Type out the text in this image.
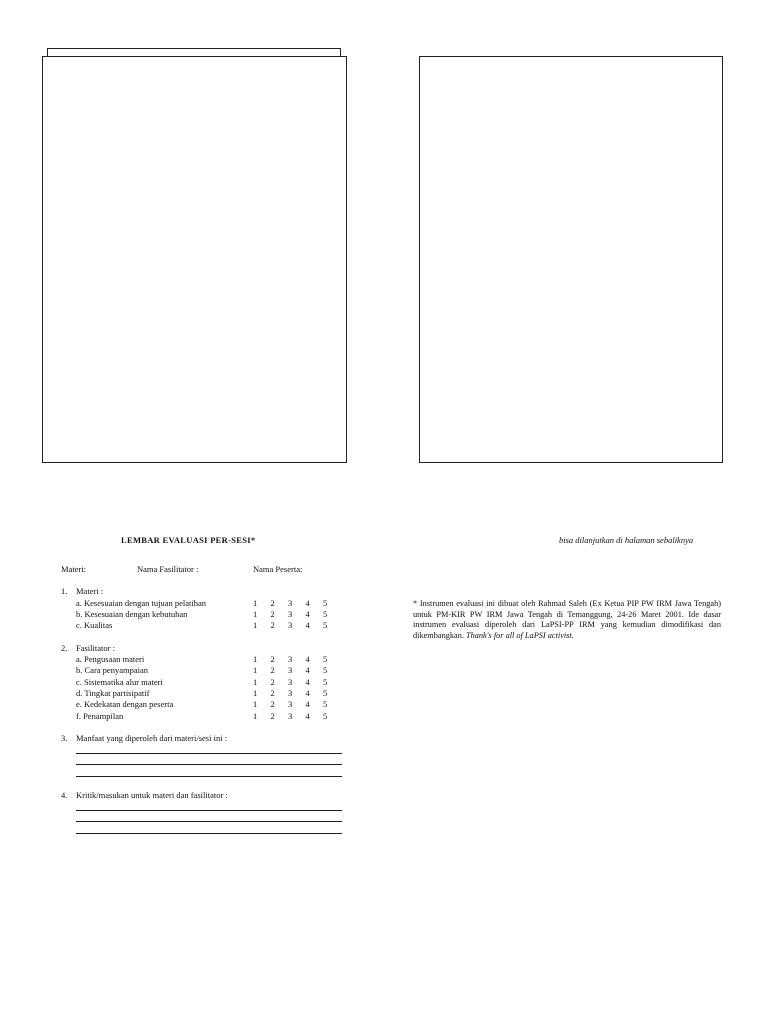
LEMBAR EVALUASI PER-SESI*	bisa dilanjutkan di halaman sebaliknya
Materi:	Nama Fasilitator :	Nama Peserta:
1. Materi :
a. Kesesuaian dengan tujuan pelatihan	1	2	3	4	5
b. Kesesuaian dengan kebutuhan	1	2	3	4	5
c. Kualitas	1	2	3	4	5
2. Fasilitator :
a. Pengusaan materi	1	2	3	4	5
b. Cara penyampaian	1	2	3	4	5
c. Sistematika alur materi	1	2	3	4	5
d. Tingkat partisipatif	1	2	3	4	5
e. Kedekatan dengan peserta	1	2	3	4	5
f. Penampilan	1	2	3	4	5
3. Manfaat yang diperoleh dari materi/sesi ini :
4. Kritik/masukan untuk materi dan fasilitator :
* Instrumen evaluasi ini dibuat oleh Rahmad Saleh (Ex Ketua PIP PW IRM Jawa Tengah) untuk PM-KIR PW IRM Jawa Tengah di Temanggung, 24-26 Maret 2001. Ide dasar instrumen evaluasi diperoleh dari LaPSI-PP IRM yang kemudian dimodifikasi dan dikembangkan. Thank's for all of LaPSI activist.
